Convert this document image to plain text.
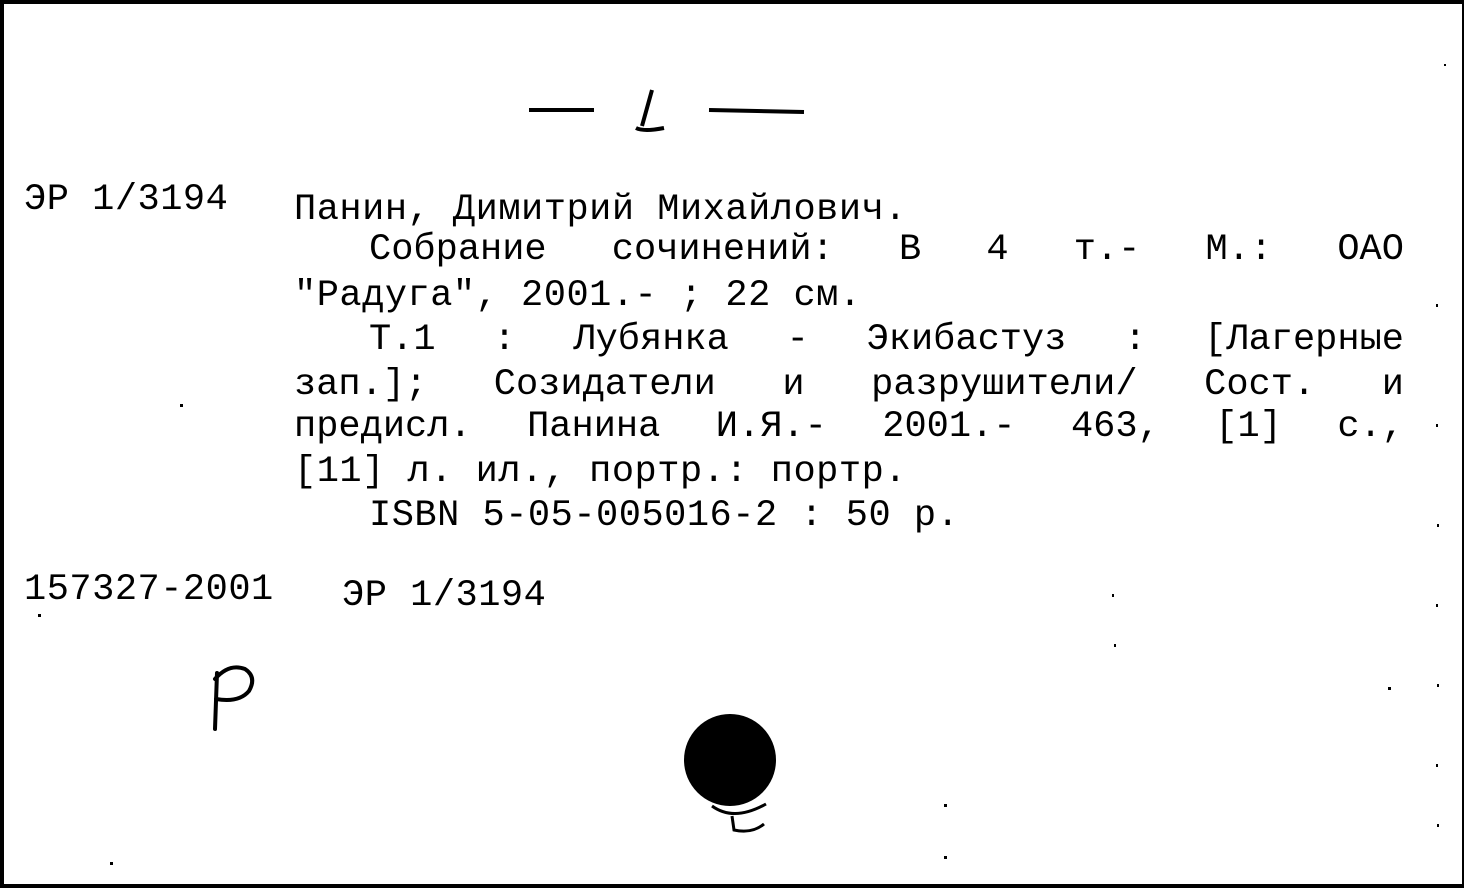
ЭР 1/3194 Панин, Димитрий Михайлович.
Собрание сочинений: В 4 т.- М.: ОАО
"Радуга", 2001.- ; 22 см.
Т.1 : Лубянка - Экибастуз : [Лагерные
зап.]; Созидатели и разрушители/ Сост. и
предисл. Панина И.Я.- 2001.- 463, [1] с.,
[11] л. ил., портр.: портр.
ISBN 5-05-005016-2 : 50 р.
157327-2001 ЭР 1/3194
